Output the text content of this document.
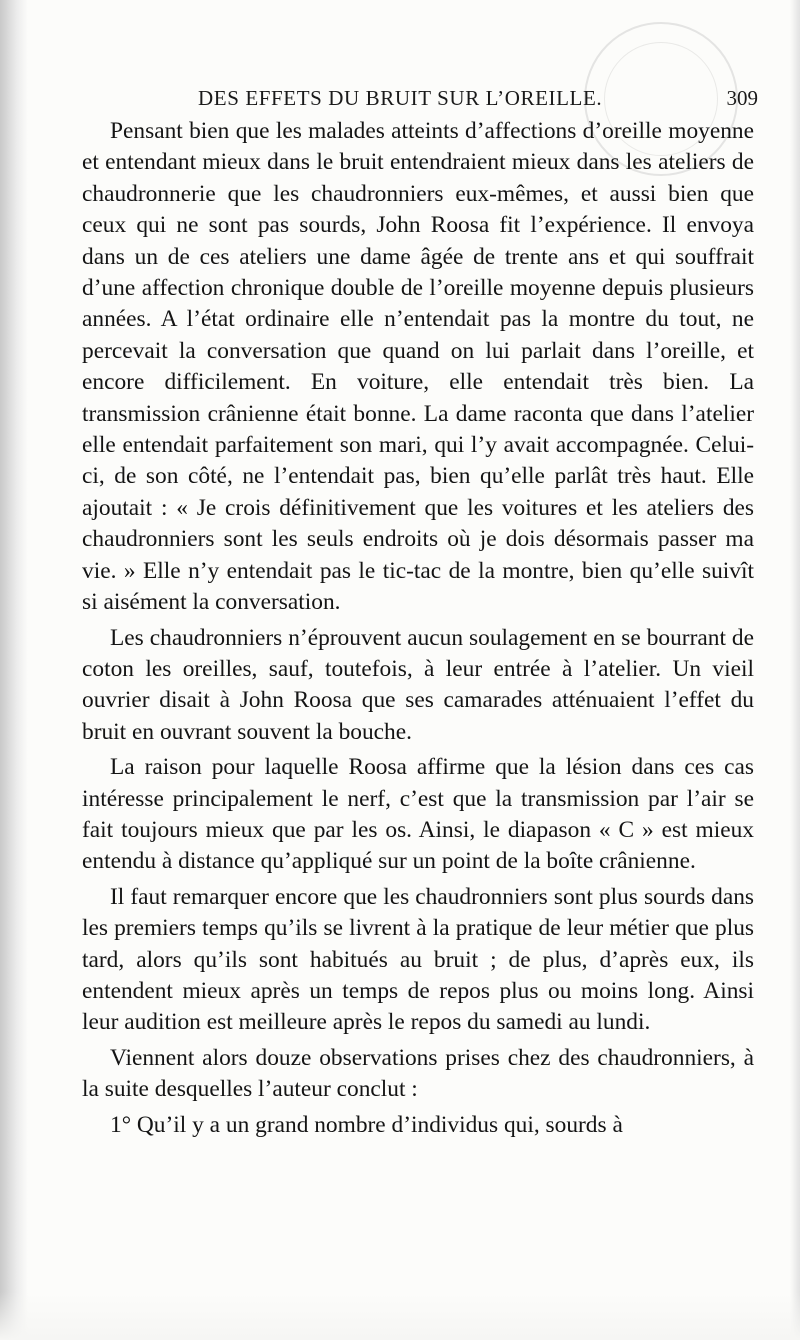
DES EFFETS DU BRUIT SUR L’OREILLE.	309

Pensant bien que les malades atteints d’affections d’oreille moyenne et entendant mieux dans le bruit entendraient mieux dans les ateliers de chaudronnerie que les chaudronniers eux-mêmes, et aussi bien que ceux qui ne sont pas sourds, John Roosa fit l’expérience. Il envoya dans un de ces ateliers une dame âgée de trente ans et qui souffrait d’une affection chronique double de l’oreille moyenne depuis plusieurs années. A l’état ordinaire elle n’entendait pas la montre du tout, ne percevait la conversation que quand on lui parlait dans l’oreille, et encore difficilement. En voiture, elle entendait très bien. La transmission crânienne était bonne. La dame raconta que dans l’atelier elle entendait parfaitement son mari, qui l’y avait accompagnée. Celui-ci, de son côté, ne l’entendait pas, bien qu’elle parlât très haut. Elle ajoutait : « Je crois définitivement que les voitures et les ateliers des chaudronniers sont les seuls endroits où je dois désormais passer ma vie. » Elle n’y entendait pas le tic-tac de la montre, bien qu’elle suivît si aisément la conversation.

Les chaudronniers n’éprouvent aucun soulagement en se bourrant de coton les oreilles, sauf, toutefois, à leur entrée à l’atelier. Un vieil ouvrier disait à John Roosa que ses camarades atténuaient l’effet du bruit en ouvrant souvent la bouche.

La raison pour laquelle Roosa affirme que la lésion dans ces cas intéresse principalement le nerf, c’est que la transmission par l’air se fait toujours mieux que par les os. Ainsi, le diapason « C » est mieux entendu à distance qu’appliqué sur un point de la boîte crânienne.

Il faut remarquer encore que les chaudronniers sont plus sourds dans les premiers temps qu’ils se livrent à la pratique de leur métier que plus tard, alors qu’ils sont habitués au bruit ; de plus, d’après eux, ils entendent mieux après un temps de repos plus ou moins long. Ainsi leur audition est meilleure après le repos du samedi au lundi.

Viennent alors douze observations prises chez des chaudronniers, à la suite desquelles l’auteur conclut :

1° Qu’il y a un grand nombre d’individus qui, sourds à
